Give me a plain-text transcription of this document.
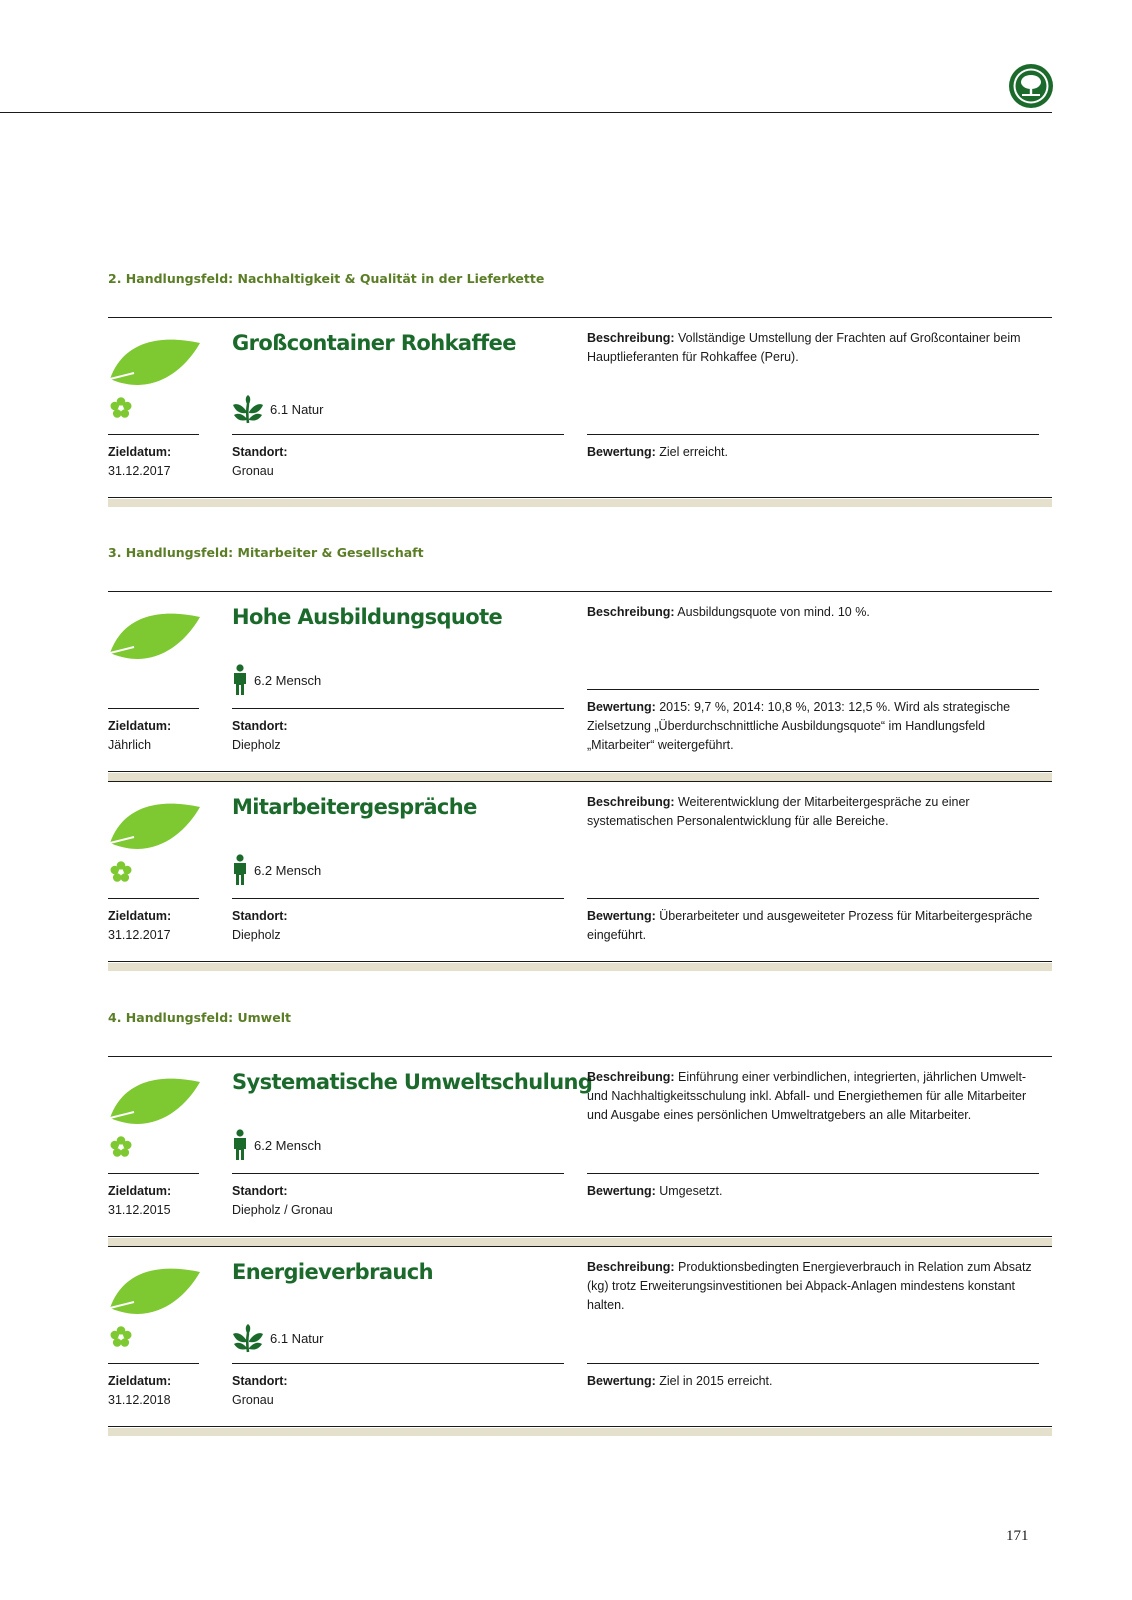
2. Handlungsfeld: Nachhaltigkeit & Qualität in der Lieferkette
Großcontainer Rohkaffee
6.1 Natur
Zieldatum:
31.12.2017
Standort:
Gronau
Beschreibung: Vollständige Umstellung der Frachten auf Großcontainer beim Hauptlieferanten für Rohkaffee (Peru).
Bewertung: Ziel erreicht.
3. Handlungsfeld: Mitarbeiter & Gesellschaft
Hohe Ausbildungsquote
6.2 Mensch
Zieldatum:
Jährlich
Standort:
Diepholz
Beschreibung: Ausbildungsquote von mind. 10 %.
Bewertung: 2015: 9,7 %, 2014: 10,8 %, 2013: 12,5 %. Wird als strategische Zielsetzung „Überdurchschnittliche Ausbildungsquote“ im Handlungsfeld „Mitarbeiter“ weitergeführt.
Mitarbeitergespräche
6.2 Mensch
Zieldatum:
31.12.2017
Standort:
Diepholz
Beschreibung: Weiterentwicklung der Mitarbeitergespräche zu einer systematischen Personalentwicklung für alle Bereiche.
Bewertung: Überarbeiteter und ausgeweiteter Prozess für Mitarbeitergespräche eingeführt.
4. Handlungsfeld: Umwelt
Systematische Umweltschulung
6.2 Mensch
Zieldatum:
31.12.2015
Standort:
Diepholz / Gronau
Beschreibung: Einführung einer verbindlichen, integrierten, jährlichen Umwelt- und Nachhaltigkeitsschulung inkl. Abfall- und Energiethemen für alle Mitarbeiter und Ausgabe eines persönlichen Umweltratgebers an alle Mitarbeiter.
Bewertung: Umgesetzt.
Energieverbrauch
6.1 Natur
Zieldatum:
31.12.2018
Standort:
Gronau
Beschreibung: Produktionsbedingten Energieverbrauch in Relation zum Absatz (kg) trotz Erweiterungsinvestitionen bei Abpack-Anlagen mindestens konstant halten.
Bewertung: Ziel in 2015 erreicht.
171
